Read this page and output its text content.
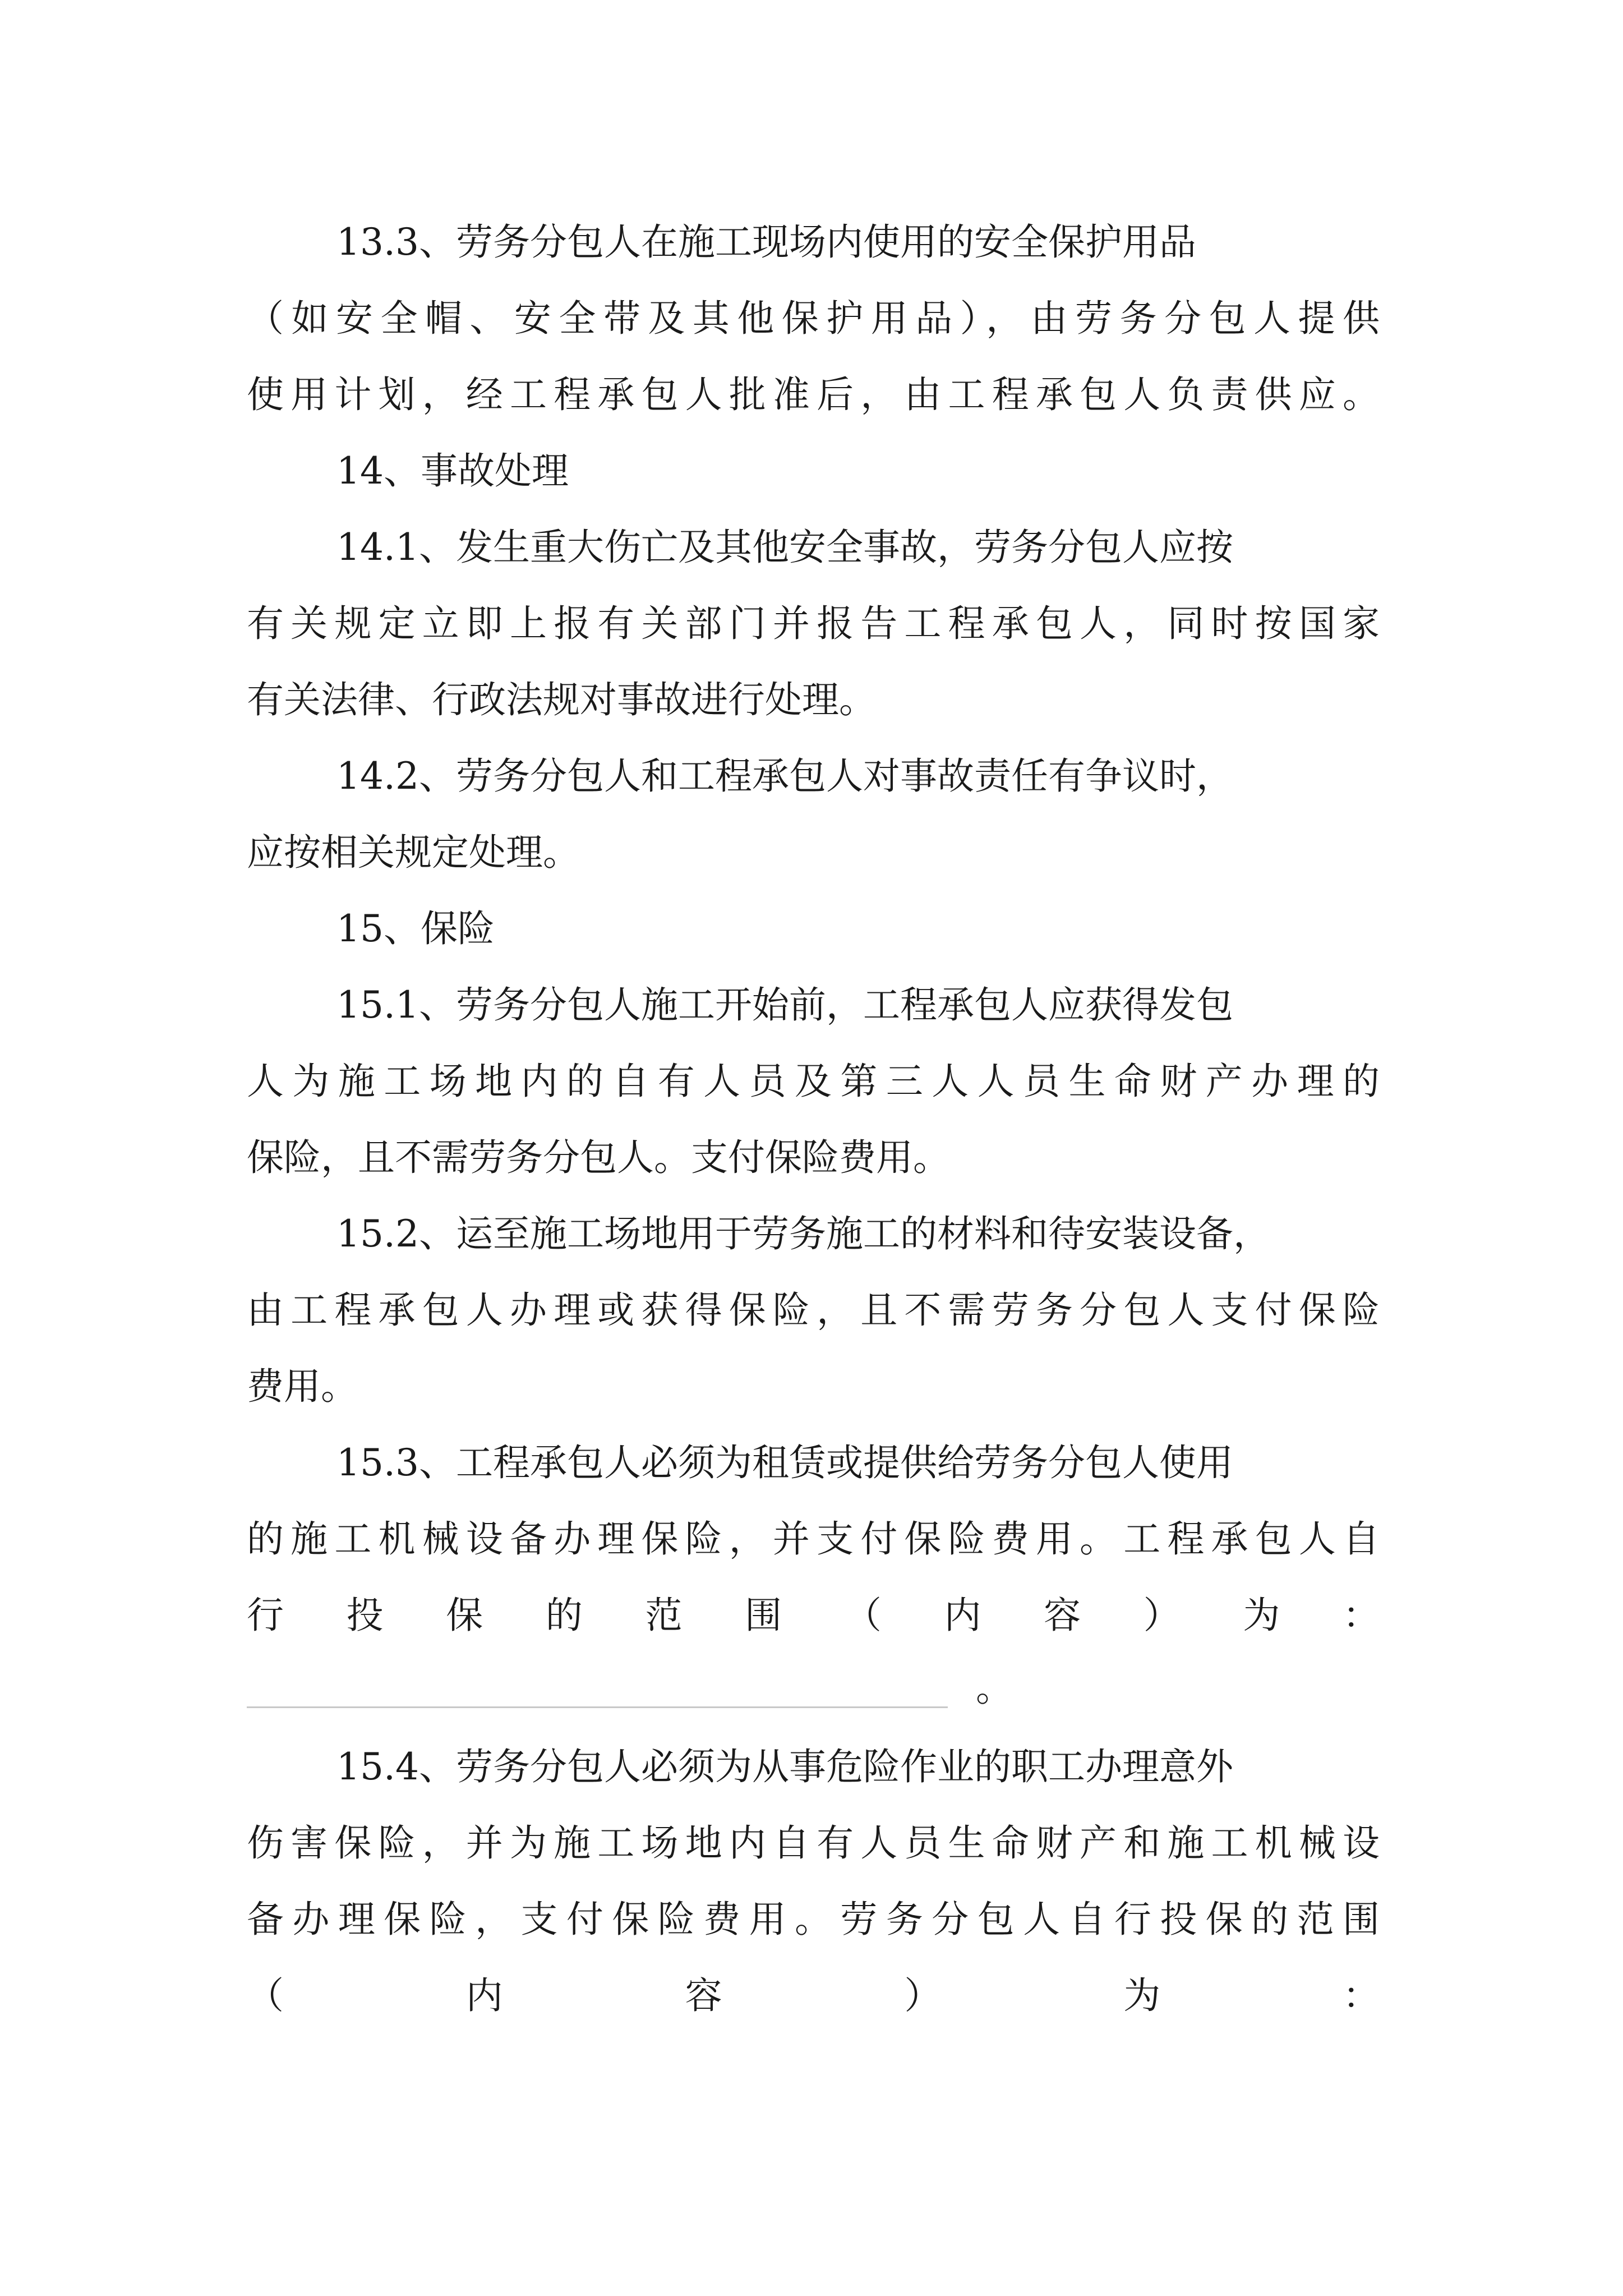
13.3、劳务分包人在施工现场内使用的安全保护用品
（如安全帽、安全带及其他保护用品），由劳务分包人提供
使用计划，经工程承包人批准后，由工程承包人负责供应。
14、事故处理
14.1、发生重大伤亡及其他安全事故，劳务分包人应按
有关规定立即上报有关部门并报告工程承包人，同时按国家
有关法律、行政法规对事故进行处理。
14.2、劳务分包人和工程承包人对事故责任有争议时，
应按相关规定处理。
15、保险
15.1、劳务分包人施工开始前，工程承包人应获得发包
人为施工场地内的自有人员及第三人人员生命财产办理的
保险，且不需劳务分包人。支付保险费用。
15.2、运至施工场地用于劳务施工的材料和待安装设备，
由工程承包人办理或获得保险，且不需劳务分包人支付保险
费用。
15.3、工程承包人必须为租赁或提供给劳务分包人使用
的施工机械设备办理保险，并支付保险费用。工程承包人自
行 投 保 的 范 围 （ 内 容 ） 为 ：
。
15.4、劳务分包人必须为从事危险作业的职工办理意外
伤害保险，并为施工场地内自有人员生命财产和施工机械设
备办理保险，支付保险费用。劳务分包人自行投保的范围
（ 内 容 ） 为 ：
